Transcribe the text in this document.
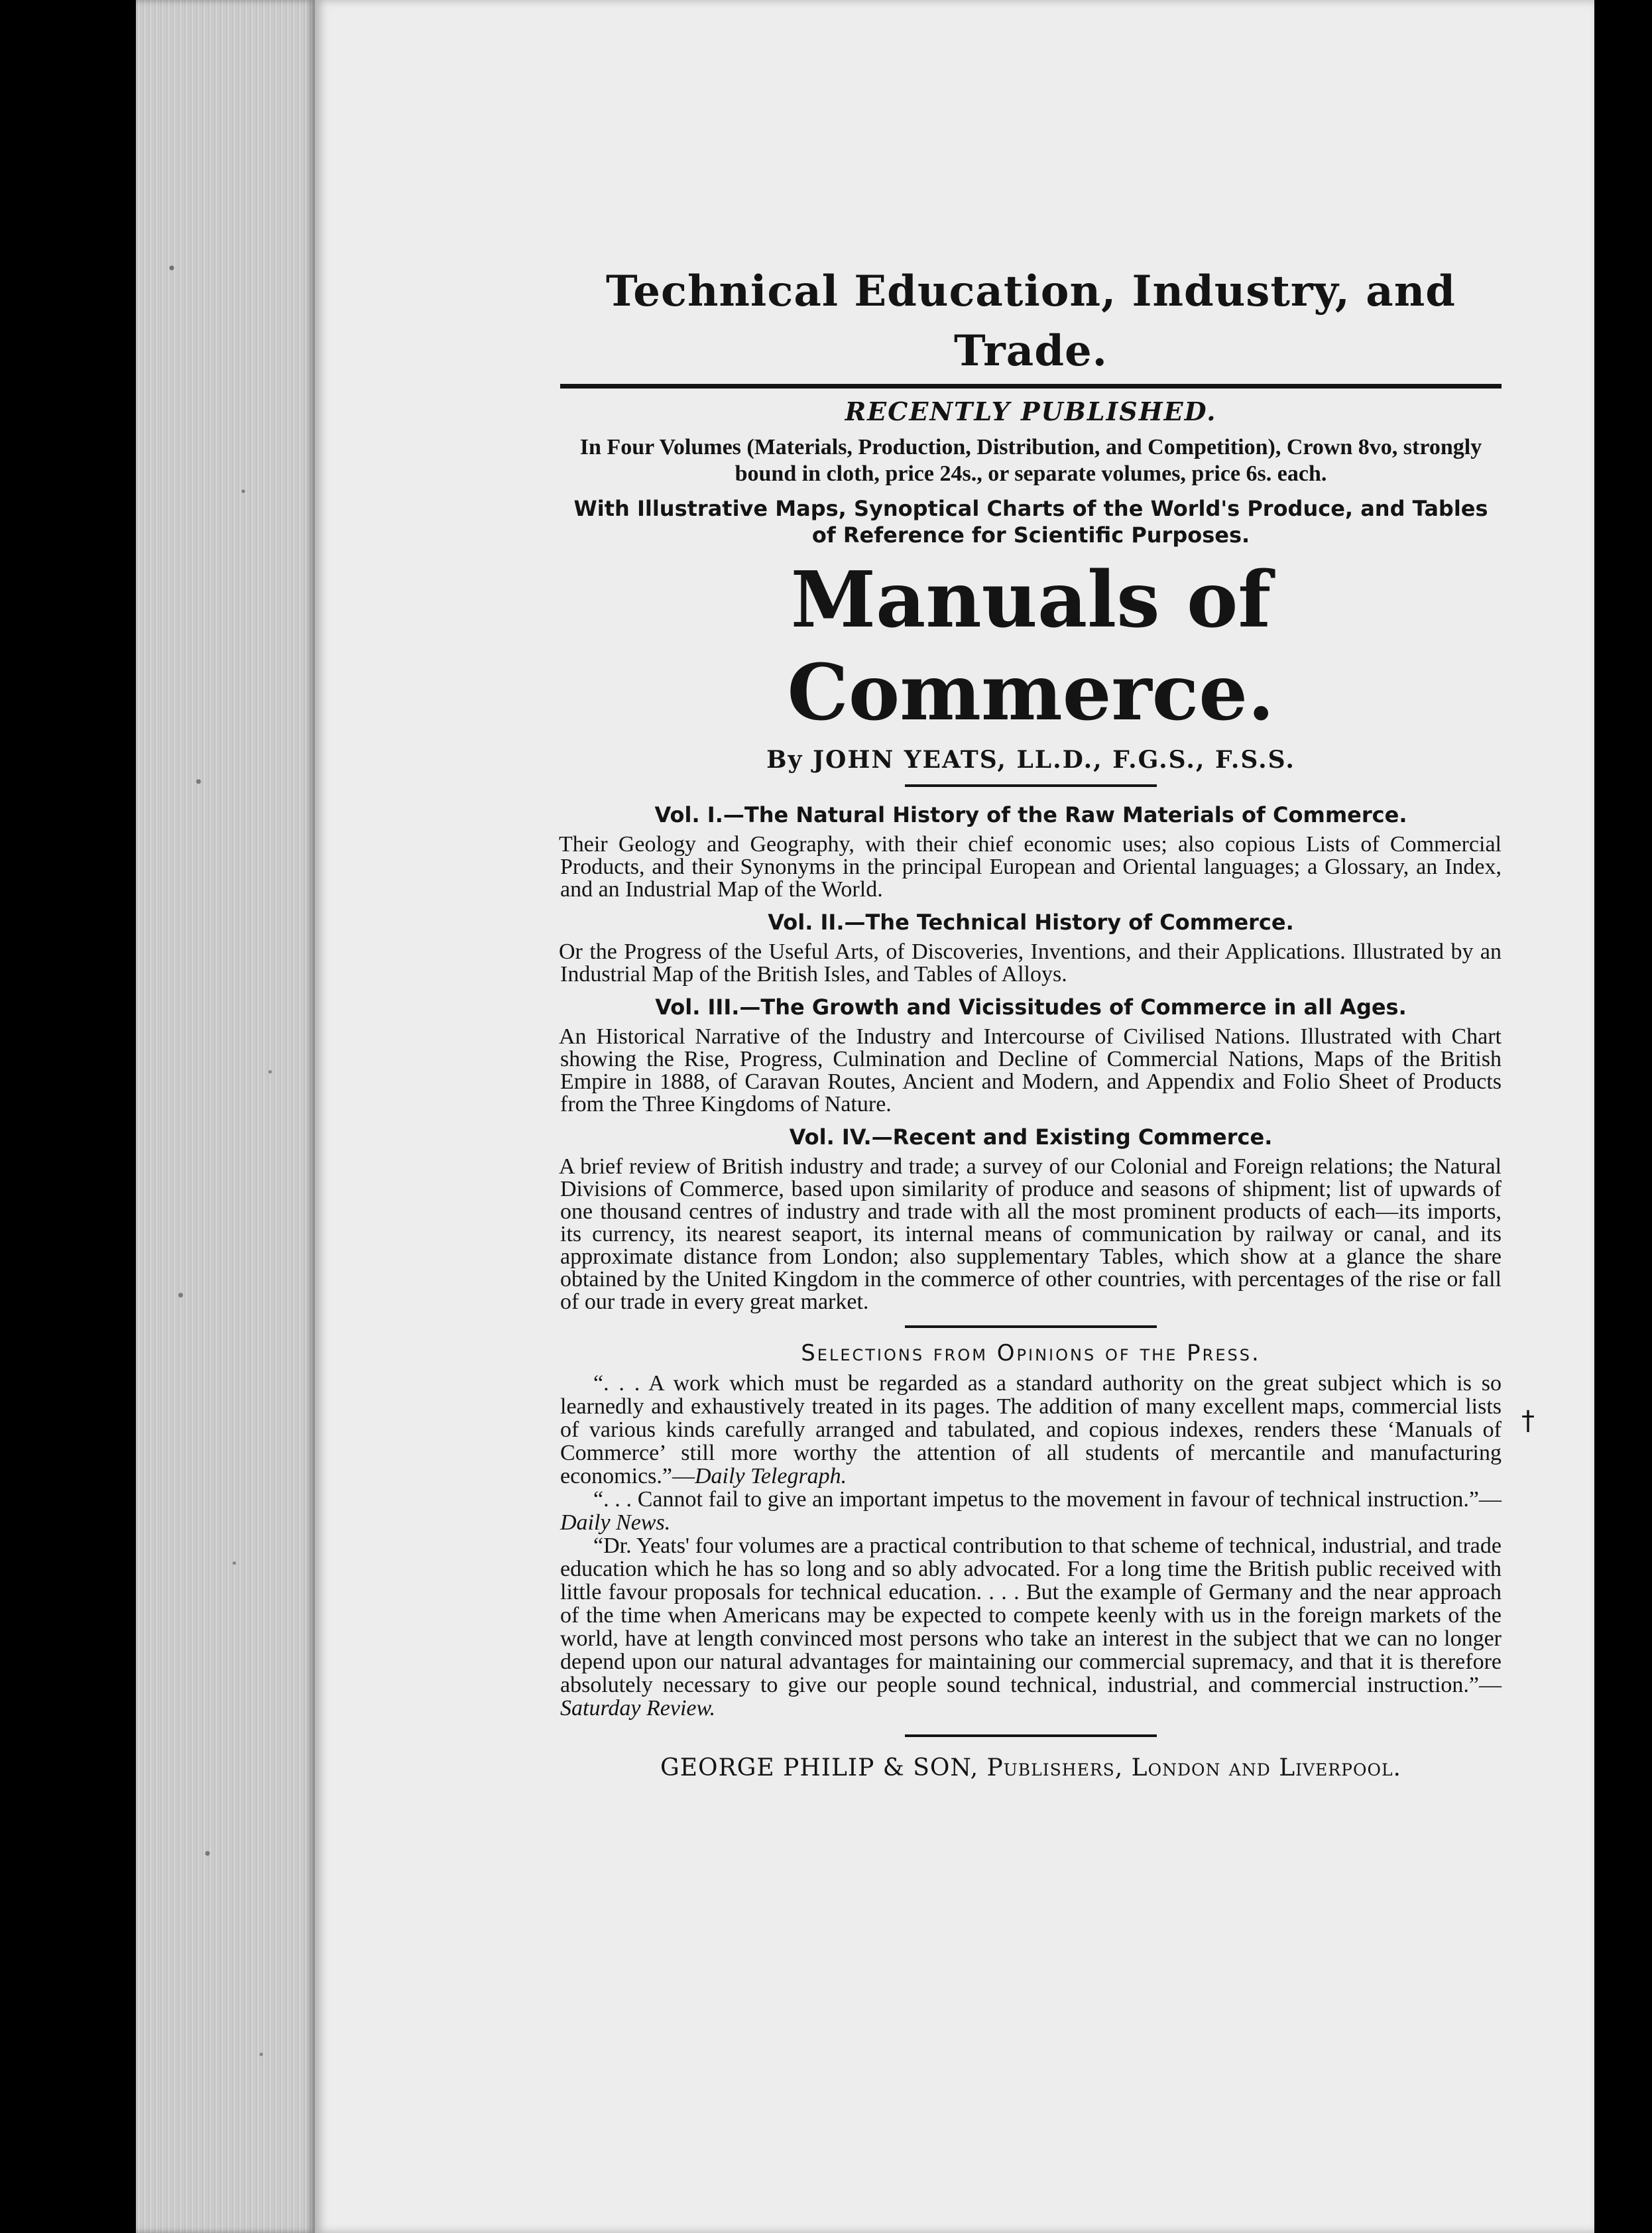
Technical Education, Industry, and Trade.
RECENTLY PUBLISHED.

In Four Volumes (Materials, Production, Distribution, and Competition), Crown 8vo, strongly bound in cloth, price 24s., or separate volumes, price 6s. each.

With Illustrative Maps, Synoptical Charts of the World's Produce, and Tables of Reference for Scientific Purposes.

Manuals of Commerce.
By JOHN YEATS, LL.D., F.G.S., F.S.S.
Vol. I.—The Natural History of the Raw Materials of Commerce.

Their Geology and Geography, with their chief economic uses; also copious Lists of Commercial Products, and their Synonyms in the principal European and Oriental languages; a Glossary, an Index, and an Industrial Map of the World.

Vol. II.—The Technical History of Commerce.

Or the Progress of the Useful Arts, of Discoveries, Inventions, and their Applications. Illustrated by an Industrial Map of the British Isles, and Tables of Alloys.

Vol. III.—The Growth and Vicissitudes of Commerce in all Ages.

An Historical Narrative of the Industry and Intercourse of Civilised Nations. Illustrated with Chart showing the Rise, Progress, Culmination and Decline of Commercial Nations, Maps of the British Empire in 1888, of Caravan Routes, Ancient and Modern, and Appendix and Folio Sheet of Products from the Three Kingdoms of Nature.

Vol. IV.—Recent and Existing Commerce.

A brief review of British industry and trade; a survey of our Colonial and Foreign relations; the Natural Divisions of Commerce, based upon similarity of produce and seasons of shipment; list of upwards of one thousand centres of industry and trade with all the most prominent products of each—its imports, its currency, its nearest seaport, its internal means of communication by railway or canal, and its approximate distance from London; also supplementary Tables, which show at a glance the share obtained by the United Kingdom in the commerce of other countries, with percentages of the rise or fall of our trade in every great market.

Selections from Opinions of the Press.

“. . . A work which must be regarded as a standard authority on the great subject which is so learnedly and exhaustively treated in its pages. The addition of many excellent maps, commercial lists of various kinds carefully arranged and tabulated, and copious indexes, renders these ‘Manuals of Commerce’ still more worthy the attention of all students of mercantile and manufacturing economics.”—Daily Telegraph.

“. . . Cannot fail to give an important impetus to the movement in favour of technical instruction.”—Daily News.

“Dr. Yeats' four volumes are a practical contribution to that scheme of technical, industrial, and trade education which he has so long and so ably advocated. For a long time the British public received with little favour proposals for technical education. . . . But the example of Germany and the near approach of the time when Americans may be expected to compete keenly with us in the foreign markets of the world, have at length convinced most persons who take an interest in the subject that we can no longer depend upon our natural advantages for maintaining our commercial supremacy, and that it is therefore absolutely necessary to give our people sound technical, industrial, and commercial instruction.”—Saturday Review.

GEORGE PHILIP & SON, Publishers, London and Liverpool.
†
